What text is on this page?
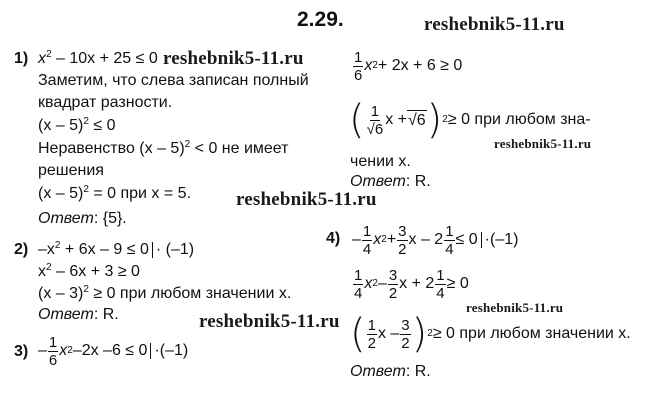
2.29.	reshebnik5-11.ru
reshebnik5-11.ru
reshebnik5-11.ru
reshebnik5-11.ru
reshebnik5-11.ru
reshebnik5-11.ru
1) $x^2 - 10x + 25 \le 0$
Заметим, что слева записан полный
квадрат разности.
(x – 5)$^2$ ≤ 0
Неравенство (x – 5)$^2$ < 0 не имеет
решения
(x – 5)$^2$ = 0 при x = 5.
Ответ: {5}.
2) $-x^2 + 6x - 9 \le 0 \cdot (-1)$
$x^2 - 6x + 3 \ge 0$
(x – 3)$^2$ ≥ 0 при любом значении x.
Ответ: R.
$3) - \frac{1}{6}$ x 2 –2x –6 ≤ 0 ·(–1)
$\frac{1}{6}$ x 2 + 2x + 6 ≥ 0
( $\frac{1}{√6}$ x + √6 ) 2 ≥ 0 при любом зна-
чении x.
Ответ: R.
$4) - \frac{1}{4}$ x $2 + \frac{3}{2}$ $x - 2 \frac{1}{4} \le 0 \cdot(-1)$
$\frac{1}{4}$ x $2 - \frac{3}{2}$ $x + 2 \frac{1}{4} \ge 0$
( $\frac{1}{2}$ x – $\frac{3}{2}$ ) 2 ≥ 0 при любом значении x.
Ответ: R.
